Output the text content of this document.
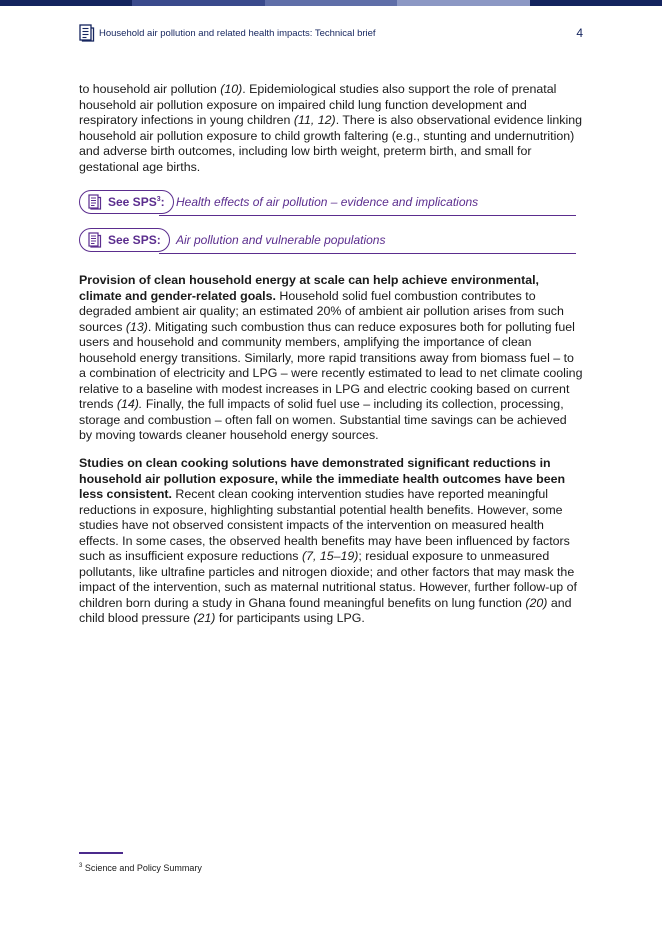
Household air pollution and related health impacts: Technical brief	4

to household air pollution (10). Epidemiological studies also support the role of prenatal household air pollution exposure on impaired child lung function development and respiratory infections in young children (11, 12). There is also observational evidence linking household air pollution exposure to child growth faltering (e.g., stunting and undernutrition) and adverse birth outcomes, including low birth weight, preterm birth, and small for gestational age births.

See SPS$^3$: Health effects of air pollution – evidence and implications
See SPS: Air pollution and vulnerable populations

Provision of clean household energy at scale can help achieve environmental, climate and gender-related goals. Household solid fuel combustion contributes to degraded ambient air quality; an estimated 20% of ambient air pollution arises from such sources (13). Mitigating such combustion thus can reduce exposures both for polluting fuel users and household and community members, amplifying the importance of clean household energy transitions. Similarly, more rapid transitions away from biomass fuel – to a combination of electricity and LPG – were recently estimated to lead to net climate cooling relative to a baseline with modest increases in LPG and electric cooking based on current trends (14). Finally, the full impacts of solid fuel use – including its collection, processing, storage and combustion – often fall on women. Substantial time savings can be achieved by moving towards cleaner household energy sources.

Studies on clean cooking solutions have demonstrated significant reductions in household air pollution exposure, while the immediate health outcomes have been less consistent. Recent clean cooking intervention studies have reported meaningful reductions in exposure, highlighting substantial potential health benefits. However, some studies have not observed consistent impacts of the intervention on measured health effects. In some cases, the observed health benefits may have been influenced by factors such as insufficient exposure reductions (7, 15–19); residual exposure to unmeasured pollutants, like ultrafine particles and nitrogen dioxide; and other factors that may mask the impact of the intervention, such as maternal nutritional status. However, further follow-up of children born during a study in Ghana found meaningful benefits on lung function (20) and child blood pressure (21) for participants using LPG.

$^3$ Science and Policy Summary
